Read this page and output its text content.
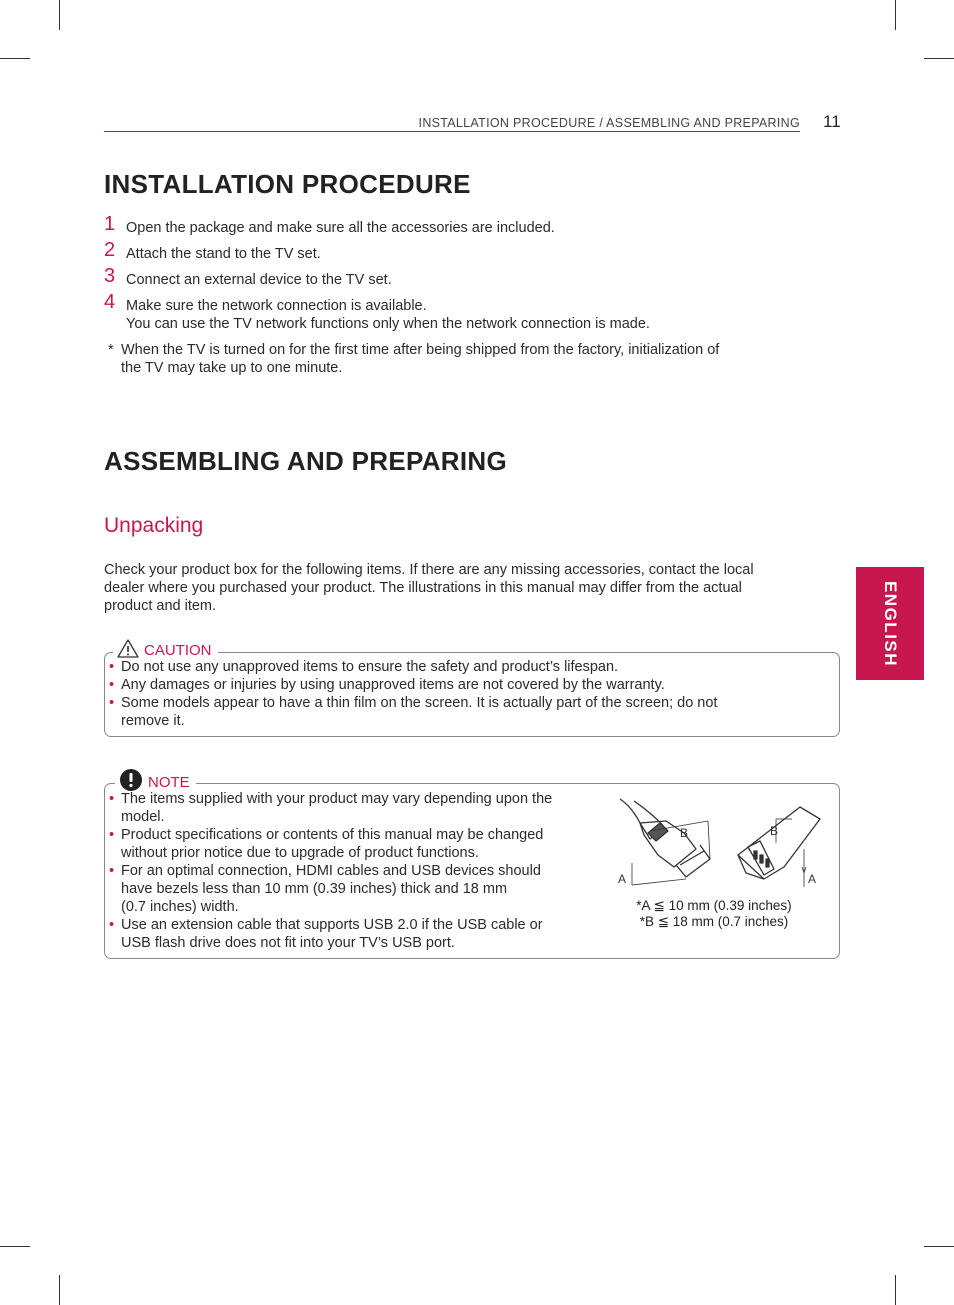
INSTALLATION PROCEDURE / ASSEMBLING AND PREPARING 11
INSTALLATION PROCEDURE
1 Open the package and make sure all the accessories are included.
2 Attach the stand to the TV set.
3 Connect an external device to the TV set.
4 Make sure the network connection is available.
You can use the TV network functions only when the network connection is made.
* When the TV is turned on for the first time after being shipped from the factory, initialization of
the TV may take up to one minute.
ASSEMBLING AND PREPARING
Unpacking
Check your product box for the following items. If there are any missing accessories, contact the local
dealer where you purchased your product. The illustrations in this manual may differ from the actual
product and item.
CAUTION
• Do not use any unapproved items to ensure the safety and product’s lifespan.
• Any damages or injuries by using unapproved items are not covered by the warranty.
• Some models appear to have a thin film on the screen. It is actually part of the screen; do not
remove it.
NOTE
• The items supplied with your product may vary depending upon the
model.
• Product specifications or contents of this manual may be changed
without prior notice due to upgrade of product functions.
• For an optimal connection, HDMI cables and USB devices should
have bezels less than 10 mm (0.39 inches) thick and 18 mm
(0.7 inches) width.
• Use an extension cable that supports USB 2.0 if the USB cable or
USB flash drive does not fit into your TV’s USB port.
A
B	B
A
*A ≦ 10 mm (0.39 inches)
*B ≦ 18 mm (0.7 inches)
ENGLISH
